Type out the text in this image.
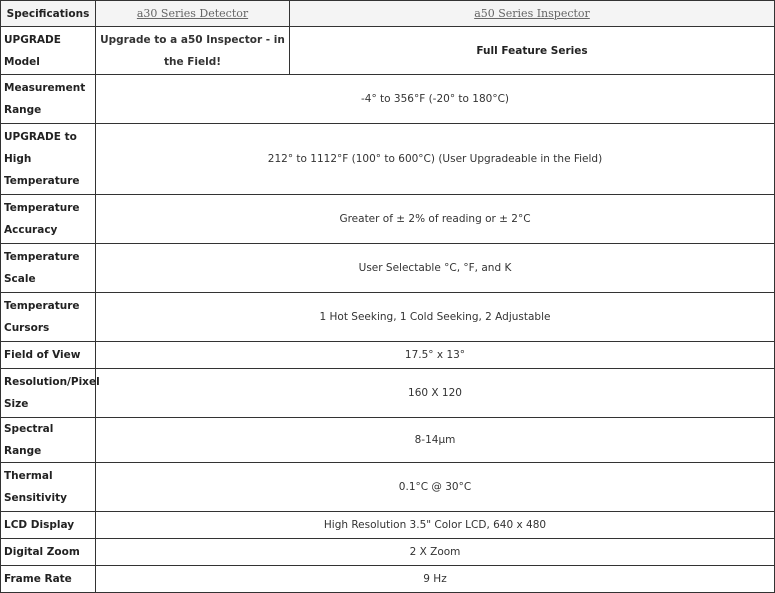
Specifications	a30 Series Detector	a50 Series Inspector
UPGRADE Model	Upgrade to a a50 Inspector - in the Field!	Full Feature Series
Measurement Range	-4° to 356°F (-20° to 180°C)	
UPGRADE to High Temperature	212° to 1112°F (100° to 600°C) (User Upgradeable in the Field)	
Temperature Accuracy	Greater of ± 2% of reading or ± 2°C	
Temperature Scale	User Selectable °C, °F, and K	
Temperature Cursors	1 Hot Seeking, 1 Cold Seeking, 2 Adjustable	
Field of View	17.5° x 13°	
Resolution/Pixel Size	160 X 120	
Spectral Range	8-14μm	
Thermal Sensitivity	0.1°C @ 30°C	
LCD Display	High Resolution 3.5" Color LCD, 640 x 480	
Digital Zoom	2 X Zoom	
Frame Rate	9 Hz	
